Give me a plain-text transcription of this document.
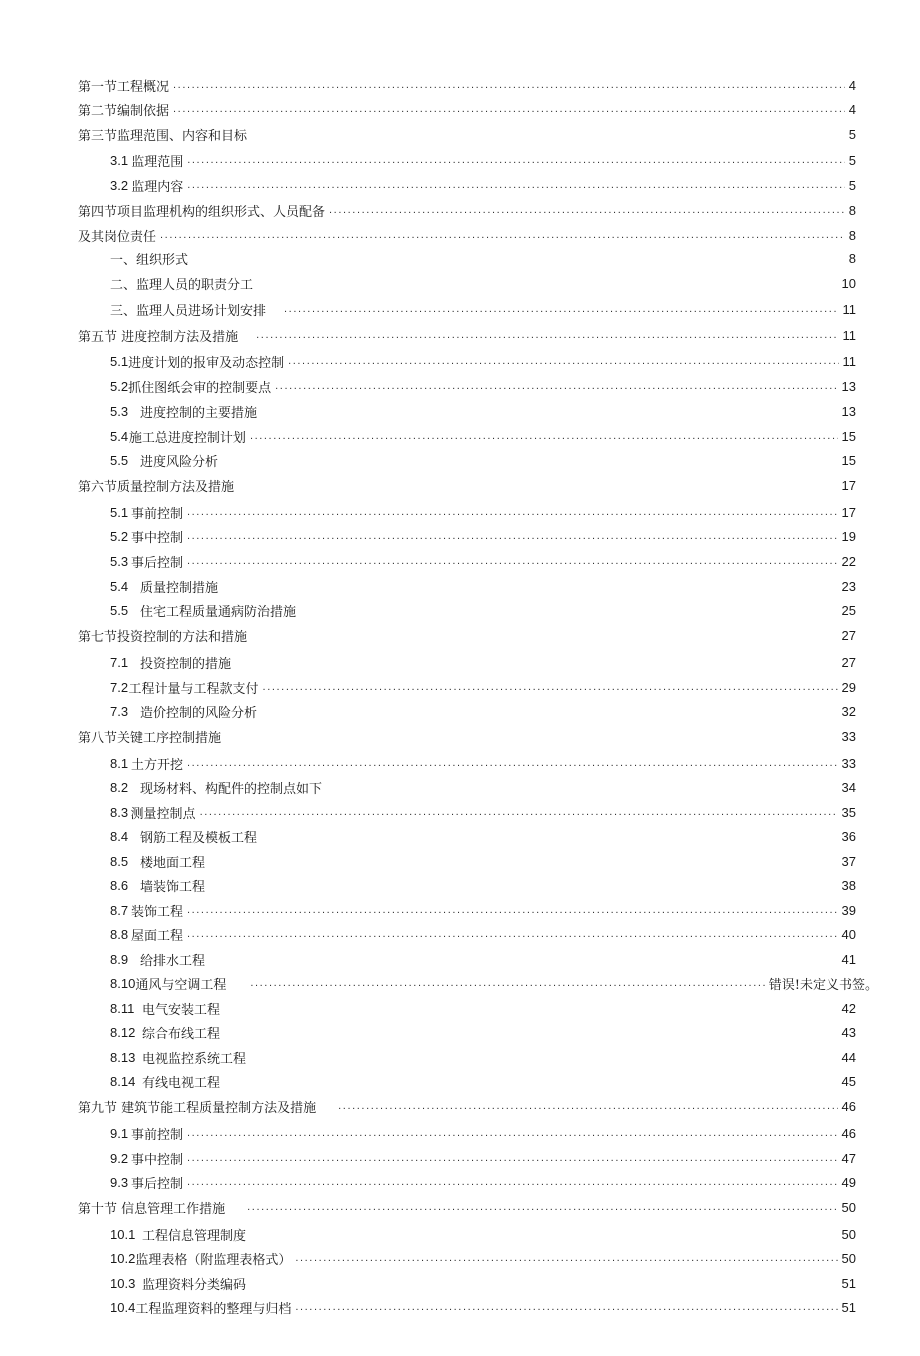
第一节工程概况 .....	4
第二节编制依据 .....	4
第三节监理范围、内容和目标	5
3.1 监理范围 .....	5
3.2 监理内容 .....	5
第四节项目监理机构的组织形式、人员配备 .....	8
及其岗位责任 .....	8
一、组织形式	8
二、监理人员的职责分工	10
三、监理人员进场计划安排 .....	11
第五节 进度控制方法及措施 .....	11
5.1 进度计划的报审及动态控制 .....	11
5.2 抓住图纸会审的控制要点 .....	13
5.3 进度控制的主要措施	13
5.4 施工总进度控制计划 .....	15
5.5 进度风险分析	15
第六节质量控制方法及措施	17
5.1 事前控制 .....	17
5.2 事中控制 .....	19
5.3 事后控制 .....	22
5.4 质量控制措施	23
5.5 住宅工程质量通病防治措施	25
第七节投资控制的方法和措施	27
7.1 投资控制的措施	27
7.2 工程计量与工程款支付 .....	29
7.3 造价控制的风险分析	32
第八节关键工序控制措施	33
8.1 土方开挖 .....	33
8.2 现场材料、构配件的控制点如下	34
8.3 测量控制点 .....	35
8.4 钢筋工程及模板工程	36
8.5 楼地面工程	37
8.6 墙装饰工程	38
8.7 装饰工程 .....	39
8.8 屋面工程 .....	40
8.9 给排水工程	41
8.10 通风与空调工程 .....	错误!未定义书签。
8.11 电气安装工程	42
8.12 综合布线工程	43
8.13 电视监控系统工程	44
8.14 有线电视工程	45
第九节 建筑节能工程质量控制方法及措施 .....	46
9.1 事前控制 .....	46
9.2 事中控制 .....	47
9.3 事后控制 .....	49
第十节 信息管理工作措施 .....	50
10.1 工程信息管理制度	50
10.2 监理表格（附监理表格式） .....	50
10.3 监理资料分类编码	51
10.4 工程监理资料的整理与归档 .....	51
